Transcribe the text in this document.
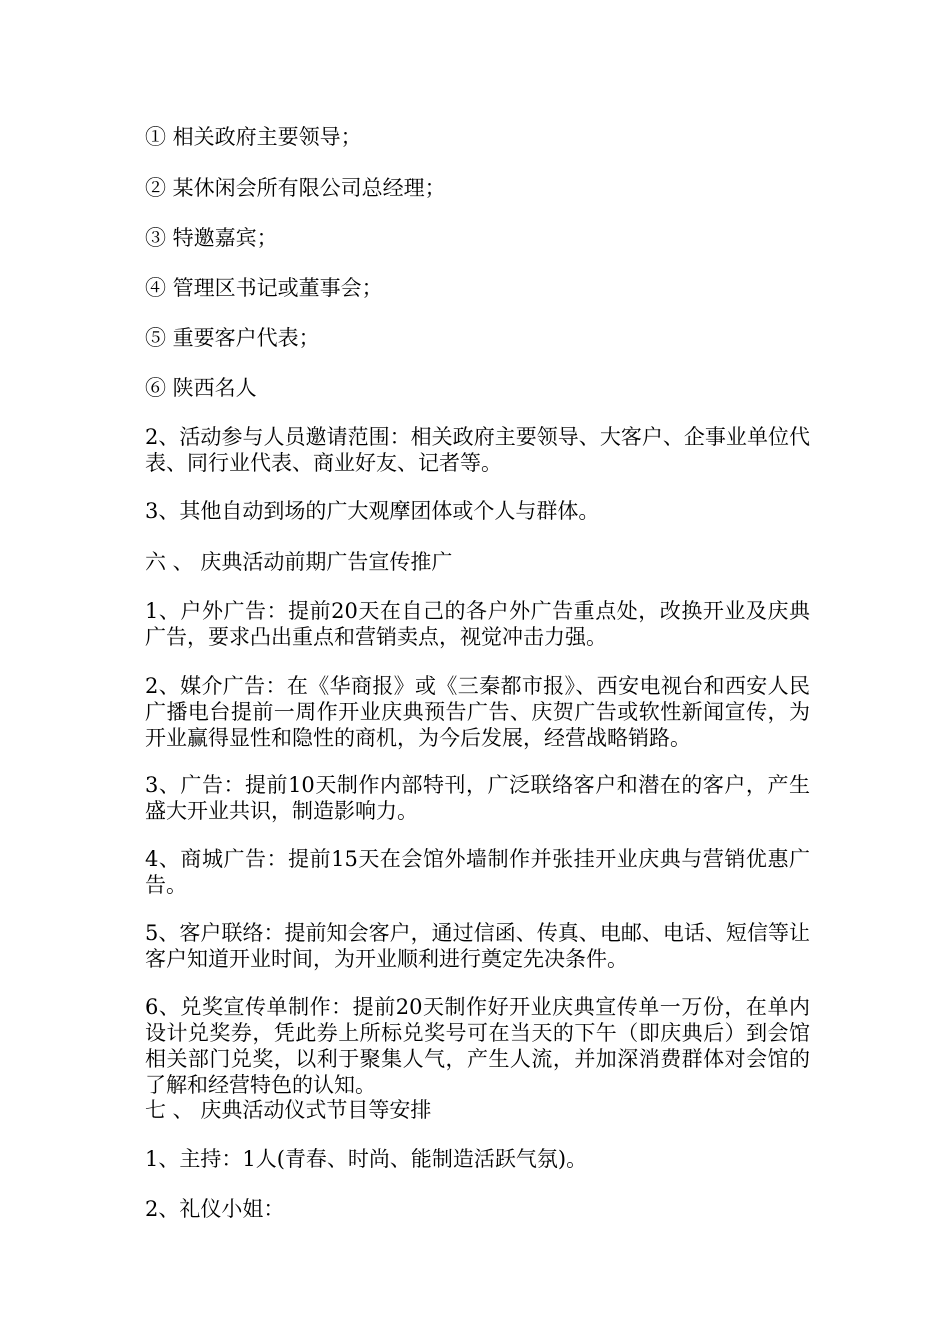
① 相关政府主要领导；

② 某休闲会所有限公司总经理；

③ 特邀嘉宾；

④ 管理区书记或董事会；

⑤ 重要客户代表；

⑥ 陕西名人

2、活动参与人员邀请范围：相关政府主要领导、大客户、企事业单位代表、同行业代表、商业好友、记者等。

3、其他自动到场的广大观摩团体或个人与群体。

六 、 庆典活动前期广告宣传推广

1、户外广告：提前20天在自己的各户外广告重点处，改换开业及庆典广告，要求凸出重点和营销卖点，视觉冲击力强。

2、媒介广告：在《华商报》或《三秦都市报》、西安电视台和西安人民广播电台提前一周作开业庆典预告广告、庆贺广告或软性新闻宣传，为开业赢得显性和隐性的商机，为今后发展，经营战略销路。

3、广告：提前10天制作内部特刊，广泛联络客户和潜在的客户，产生盛大开业共识，制造影响力。

4、商城广告：提前15天在会馆外墙制作并张挂开业庆典与营销优惠广告。

5、客户联络：提前知会客户，通过信函、传真、电邮、电话、短信等让客户知道开业时间，为开业顺利进行奠定先决条件。

6、兑奖宣传单制作：提前20天制作好开业庆典宣传单一万份，在单内设计兑奖券，凭此券上所标兑奖号可在当天的下午（即庆典后）到会馆相关部门兑奖，以利于聚集人气，产生人流，并加深消费群体对会馆的了解和经营特色的认知。

七 、 庆典活动仪式节目等安排

1、主持：1人(青春、时尚、能制造活跃气氛)。

2、礼仪小姐：
